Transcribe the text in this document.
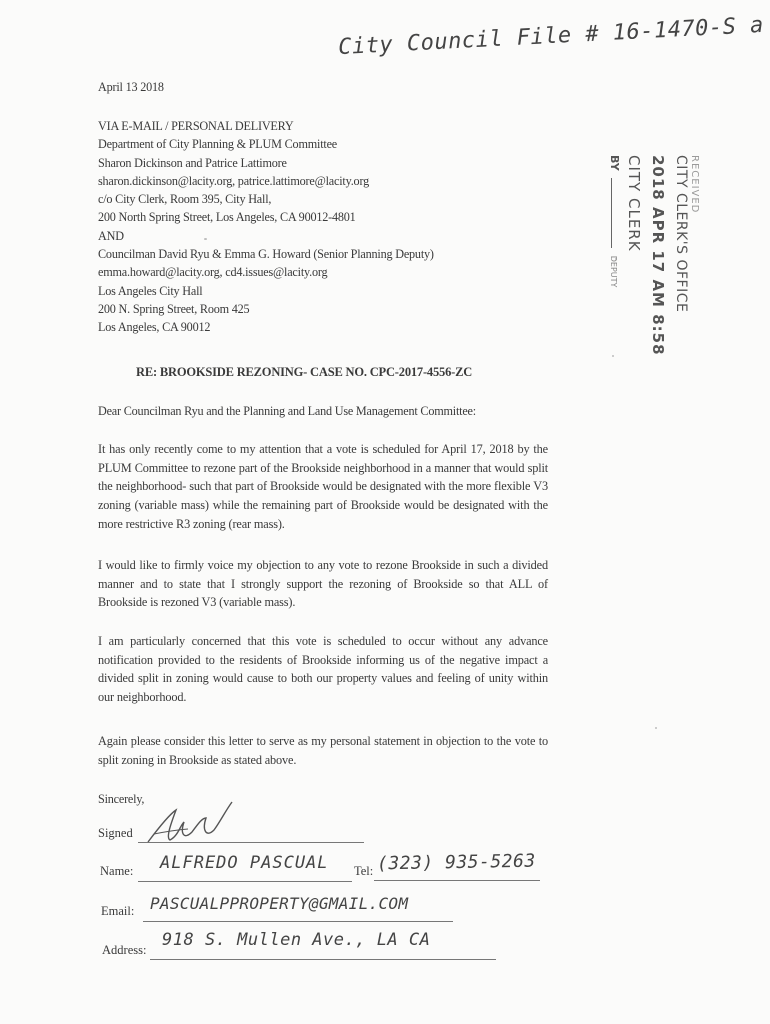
City Council File # 16-1470-S a
April 13 2018
VIA E-MAIL / PERSONAL DELIVERY
Department of City Planning & PLUM Committee
Sharon Dickinson and Patrice Lattimore
sharon.dickinson@lacity.org, patrice.lattimore@lacity.org
c/o City Clerk, Room 395, City Hall,
200 North Spring Street, Los Angeles, CA 90012-4801
AND
Councilman David Ryu & Emma G. Howard (Senior Planning Deputy)
emma.howard@lacity.org, cd4.issues@lacity.org
Los Angeles City Hall
200 N. Spring Street, Room 425
Los Angeles, CA 90012
RECEIVED
CITY CLERK'S OFFICE
2018 APR 17 AM 8:58
CITY CLERK
BY  DEPUTY
RE: BROOKSIDE REZONING- CASE NO. CPC-2017-4556-ZC
Dear Councilman Ryu and the Planning and Land Use Management Committee:
It has only recently come to my attention that a vote is scheduled for April 17, 2018 by the PLUM Committee to rezone part of the Brookside neighborhood in a manner that would split the neighborhood- such that part of Brookside would be designated with the more flexible V3 zoning (variable mass) while the remaining part of Brookside would be designated with the more restrictive R3 zoning (rear mass).
I would like to firmly voice my objection to any vote to rezone Brookside in such a divided manner and to state that I strongly support the rezoning of Brookside so that ALL of Brookside is rezoned V3 (variable mass).
I am particularly concerned that this vote is scheduled to occur without any advance notification provided to the residents of Brookside informing us of the negative impact a divided split in zoning would cause to both our property values and feeling of unity within our neighborhood.
Again please consider this letter to serve as my personal statement in objection to the vote to split zoning in Brookside as stated above.
Sincerely,
Signed
Name: ALFREDO PASCUAL Tel: (323) 935-5263
Email: PASCUALPPROPERTY@GMAIL.COM
Address: 918 S. Mullen Ave., LA CA
